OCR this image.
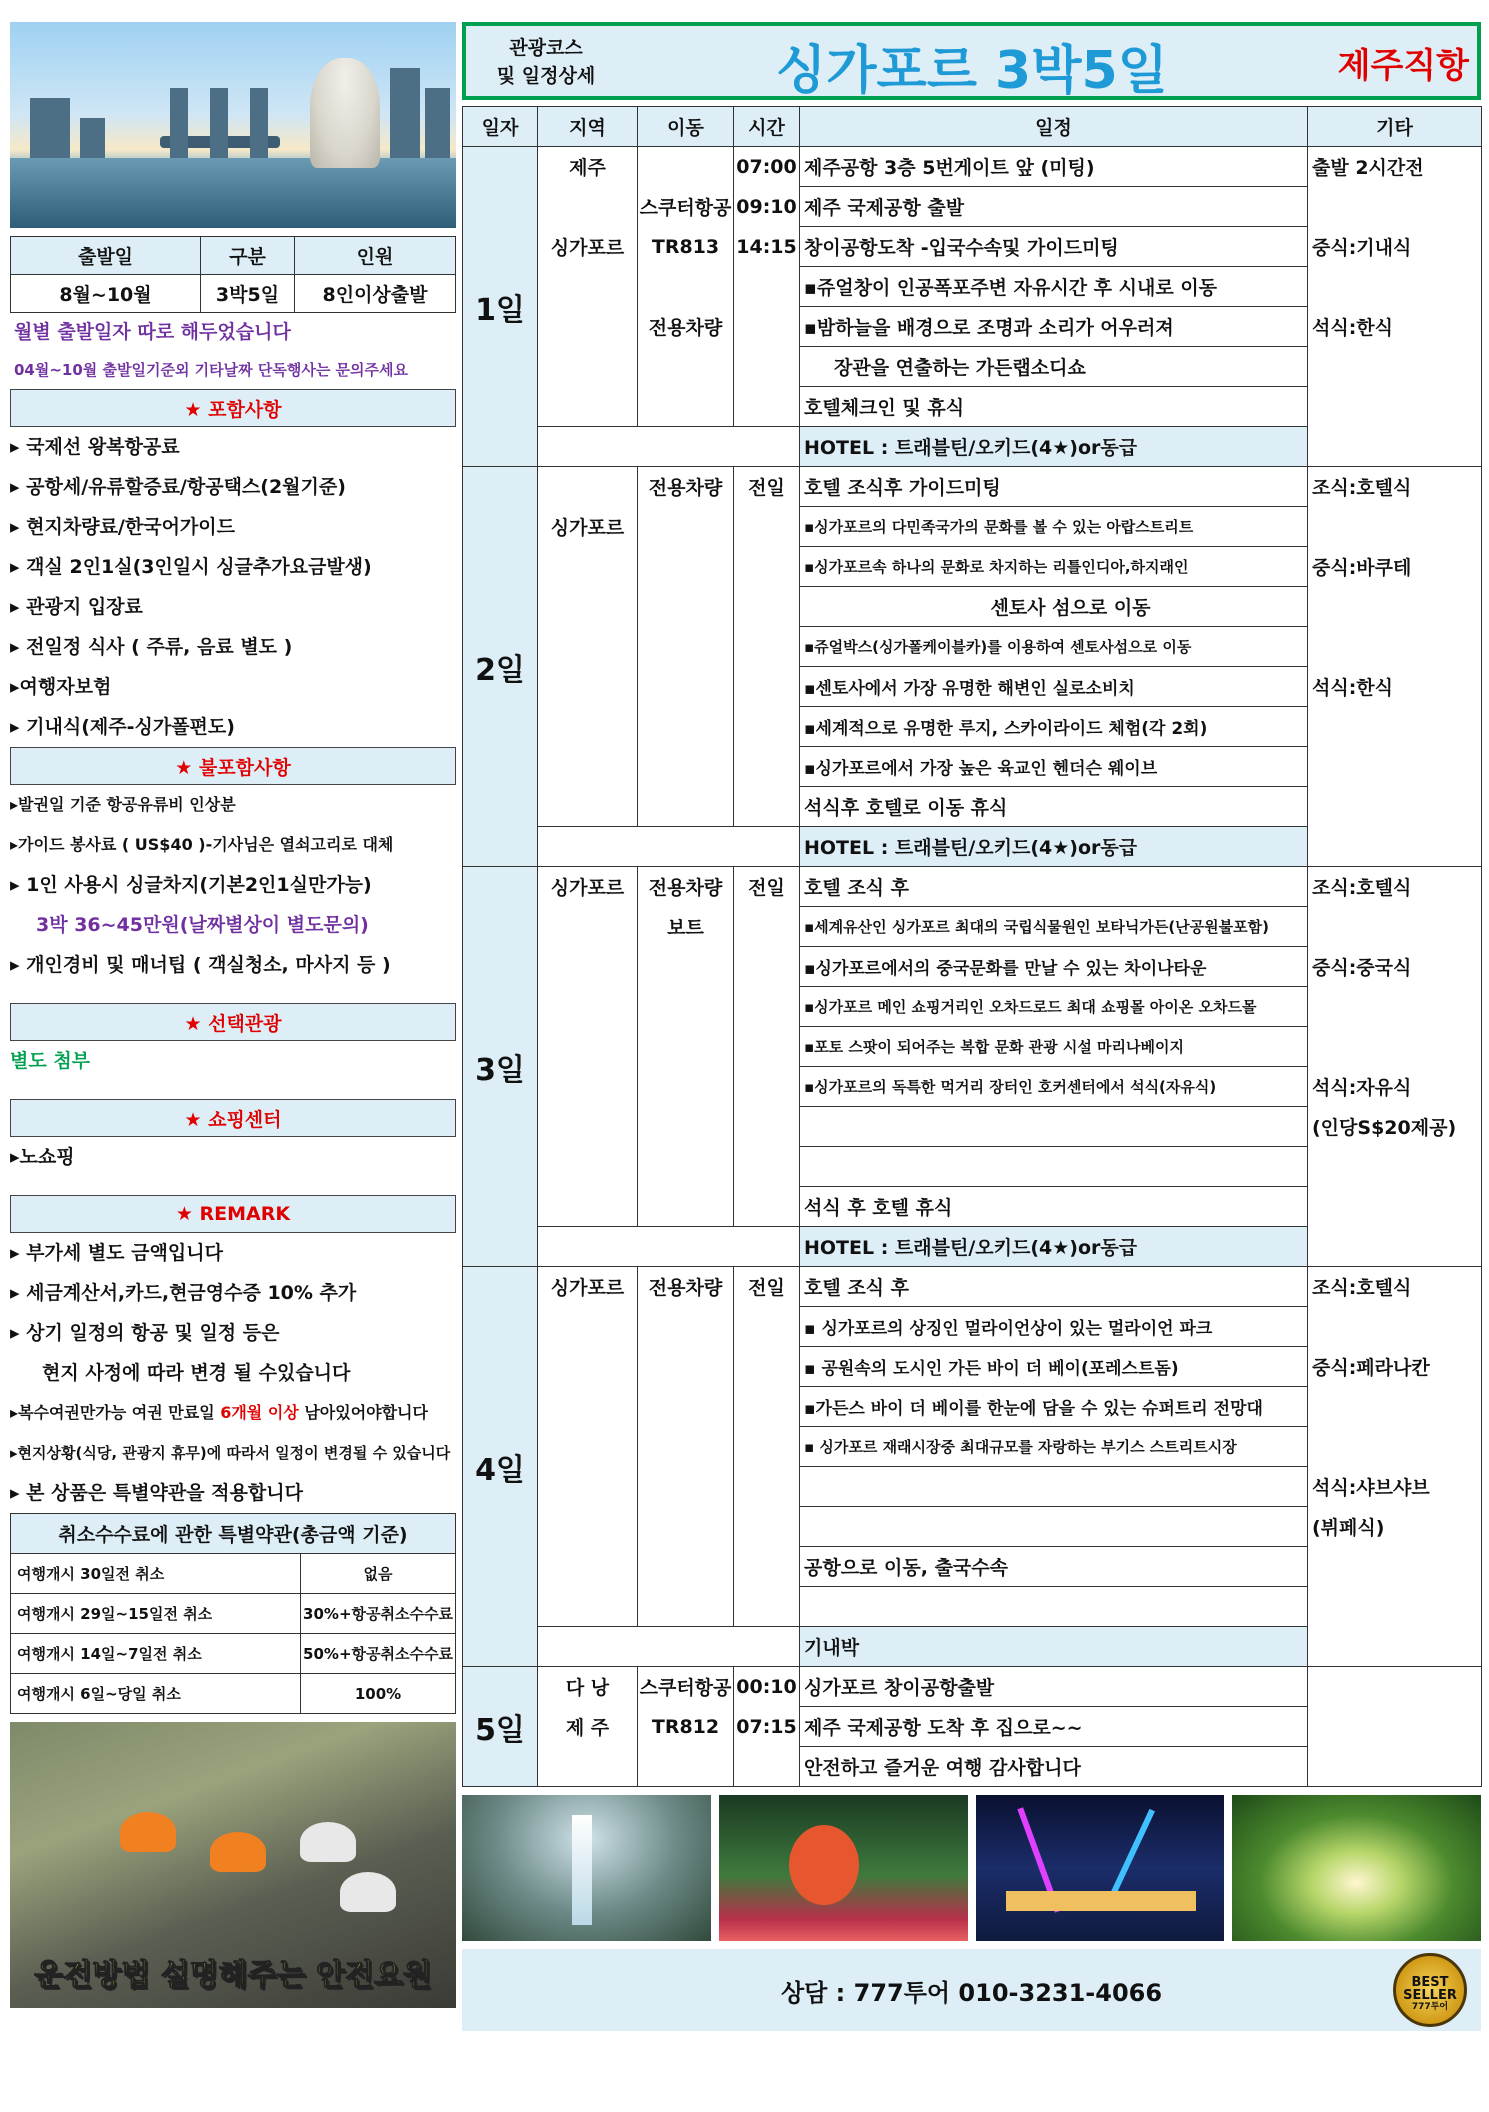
출발일	구분	인원
8월~10월	3박5일	8인이상출발
월별 출발일자 따로 해두었습니다
04월~10월 출발일기준외 기타날짜 단독행사는 문의주세요
★ 포함사항
▸ 국제선 왕복항공료
▸ 공항세/유류할증료/항공택스(2월기준)
▸ 현지차량료/한국어가이드
▸ 객실 2인1실(3인일시 싱글추가요금발생)
▸ 관광지 입장료
▸ 전일정 식사 ( 주류, 음료 별도 )
▸여행자보험
▸ 기내식(제주-싱가폴편도)
★ 불포함사항
▸발권일 기준 항공유류비 인상분
▸가이드 봉사료 ( US$40 )-기사님은 열쇠고리로 대체
▸ 1인 사용시 싱글차지(기본2인1실만가능)
3박 36~45만원(날짜별상이 별도문의)
▸ 개인경비 및 매너팁 ( 객실청소, 마사지 등 )
★ 선택관광
별도 첨부
★ 쇼핑센터
▸노쇼핑
★ REMARK
▸ 부가세 별도 금액입니다
▸ 세금계산서,카드,현금영수증 10% 추가
▸ 상기 일정의 항공 및 일정 등은
현지 사정에 따라 변경 될 수있습니다
▸복수여권만가능 여권 만료일 6개월 이상 남아있어야합니다
▸현지상황(식당, 관광지 휴무)에 따라서 일정이 변경될 수 있습니다
▸ 본 상품은 특별약관을 적용합니다
취소수수료에 관한 특별약관(총금액 기준)	
여행개시 30일전 취소	없음
여행개시 29일~15일전 취소	30%+항공취소수수료
여행개시 14일~7일전 취소	50%+항공취소수수료
여행개시 6일~당일 취소	100%
운전방법 설명해주는 안전요원
관광코스
및 일정상세	싱가포르 3박5일	제주직항
일자	지역	이동	시간	일정	기타
1일	제주		07:00	제주공항 3층 5번게이트 앞 (미팅)	출발 2시간전
		스쿠터항공	09:10	제주 국제공항 출발	
	싱가포르	TR813	14:15	창이공항도착 -입국수속및 가이드미팅	중식:기내식
				▪쥬얼창이 인공폭포주변 자유시간 후 시내로 이동	
		전용차량		▪밤하늘을 배경으로 조명과 소리가 어우러져	석식:한식
				장관을 연출하는 가든랩소디쇼	
				호텔체크인 및 휴식	
				HOTEL : 트래블틴/오키드(4★)or동급	
2일		전용차량	전일	호텔 조식후 가이드미팅	조식:호텔식
	싱가포르			▪싱가포르의 다민족국가의 문화를 볼 수 있는 아랍스트리트	
				▪싱가포르속 하나의 문화로 차지하는 리틀인디아,하지래인	중식:바쿠테
				센토사 섬으로 이동	
				▪쥬얼박스(싱가폴케이블카)를 이용하여 센토사섬으로 이동	
				▪센토사에서 가장 유명한 해변인 실로소비치	석식:한식
				▪세계적으로 유명한 루지, 스카이라이드 체험(각 2회)	
				▪싱가포르에서 가장 높은 육교인 헨더슨 웨이브	
				석식후 호텔로 이동 휴식	
				HOTEL : 트래블틴/오키드(4★)or동급	
3일	싱가포르	전용차량	전일	호텔 조식 후	조식:호텔식
		보트		▪세계유산인 싱가포르 최대의 국립식물원인 보타닉가든(난공원불포함)	
				▪싱가포르에서의 중국문화를 만날 수 있는 차이나타운	중식:중국식
				▪싱가포르 메인 쇼핑거리인 오차드로드 최대 쇼핑몰 아이온 오차드몰	
				▪포토 스팟이 되어주는 복합 문화 관광 시설 마리나베이지	
				▪싱가포르의 독특한 먹거리 장터인 호커센터에서 석식(자유식)	석식:자유식
					(인당S$20제공)

				석식 후 호텔 휴식	
				HOTEL : 트래블틴/오키드(4★)or동급	
4일	싱가포르	전용차량	전일	호텔 조식 후	조식:호텔식
				▪ 싱가포르의 상징인 멀라이언상이 있는 멀라이언 파크	
				▪ 공원속의 도시인 가든 바이 더 베이(포레스트돔)	중식:페라나칸
				▪가든스 바이 더 베이를 한눈에 담을 수 있는 슈퍼트리 전망대	
				▪ 싱가포르 재래시장중 최대규모를 자랑하는 부기스 스트리트시장	
					석식:샤브샤브
					(뷔페식)
				공항으로 이동, 출국수속	

				기내박	
5일	다 낭	스쿠터항공	00:10	싱가포르 창이공항출발	
	제 주	TR812	07:15	제주 국제공항 도착 후 집으로~~	
				안전하고 즐거운 여행 감사합니다	
상담 : 777투어 010-3231-4066	BEST SELLER
777투어
